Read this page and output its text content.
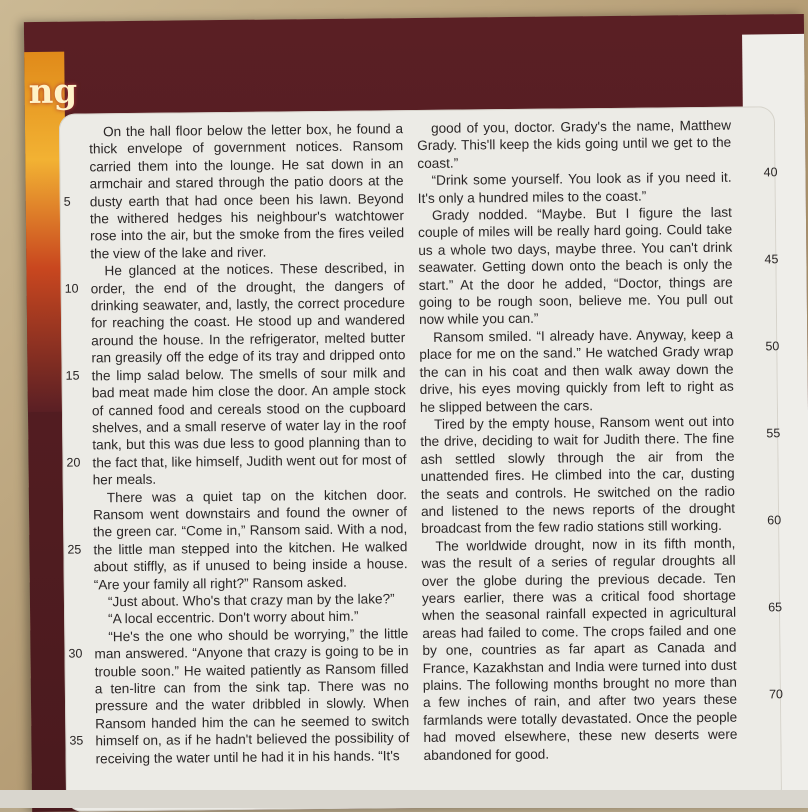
ng

On the hall floor below the letter box, he found a thick envelope of government notices. Ransom carried them into the lounge. He sat down in an armchair and stared through the patio doors at the dusty earth that had once been his lawn. Beyond the withered hedges his neighbour's watchtower rose into the air, but the smoke from the fires veiled the view of the lake and river.

He glanced at the notices. These described, in order, the end of the drought, the dangers of drinking seawater, and, lastly, the correct procedure for reaching the coast. He stood up and wandered around the house. In the refrigerator, melted butter ran greasily off the edge of its tray and dripped onto the limp salad below. The smells of sour milk and bad meat made him close the door. An ample stock of canned food and cereals stood on the cupboard shelves, and a small reserve of water lay in the roof tank, but this was due less to good planning than to the fact that, like himself, Judith went out for most of her meals.

There was a quiet tap on the kitchen door. Ransom went downstairs and found the owner of the green car. “Come in,” Ransom said. With a nod, the little man stepped into the kitchen. He walked about stiffly, as if unused to being inside a house. “Are your family all right?” Ransom asked.

“Just about. Who's that crazy man by the lake?”

“A local eccentric. Don't worry about him.”

“He's the one who should be worrying,” the little man answered. “Anyone that crazy is going to be in trouble soon.” He waited patiently as Ransom filled a ten-litre can from the sink tap. There was no pressure and the water dribbled in slowly. When Ransom handed him the can he seemed to switch himself on, as if he hadn't believed the possibility of receiving the water until he had it in his hands. “It's

5
10
15
20
25
30
35

good of you, doctor. Grady's the name, Matthew Grady. This'll keep the kids going until we get to the coast.”

“Drink some yourself. You look as if you need it. It's only a hundred miles to the coast.”

Grady nodded. “Maybe. But I figure the last couple of miles will be really hard going. Could take us a whole two days, maybe three. You can't drink seawater. Getting down onto the beach is only the start.” At the door he added, “Doctor, things are going to be rough soon, believe me. You pull out now while you can.”

Ransom smiled. “I already have. Anyway, keep a place for me on the sand.” He watched Grady wrap the can in his coat and then walk away down the drive, his eyes moving quickly from left to right as he slipped between the cars.

Tired by the empty house, Ransom went out into the drive, deciding to wait for Judith there. The fine ash settled slowly through the air from the unattended fires. He climbed into the car, dusting the seats and controls. He switched on the radio and listened to the news reports of the drought broadcast from the few radio stations still working.

The worldwide drought, now in its fifth month, was the result of a series of regular droughts all over the globe during the previous decade. Ten years earlier, there was a critical food shortage when the seasonal rainfall expected in agricultural areas had failed to come. The crops failed and one by one, countries as far apart as Canada and France, Kazakhstan and India were turned into dust plains. The following months brought no more than a few inches of rain, and after two years these farmlands were totally devastated. Once the people had moved elsewhere, these new deserts were abandoned for good.

40
45
50
55
60
65
70
